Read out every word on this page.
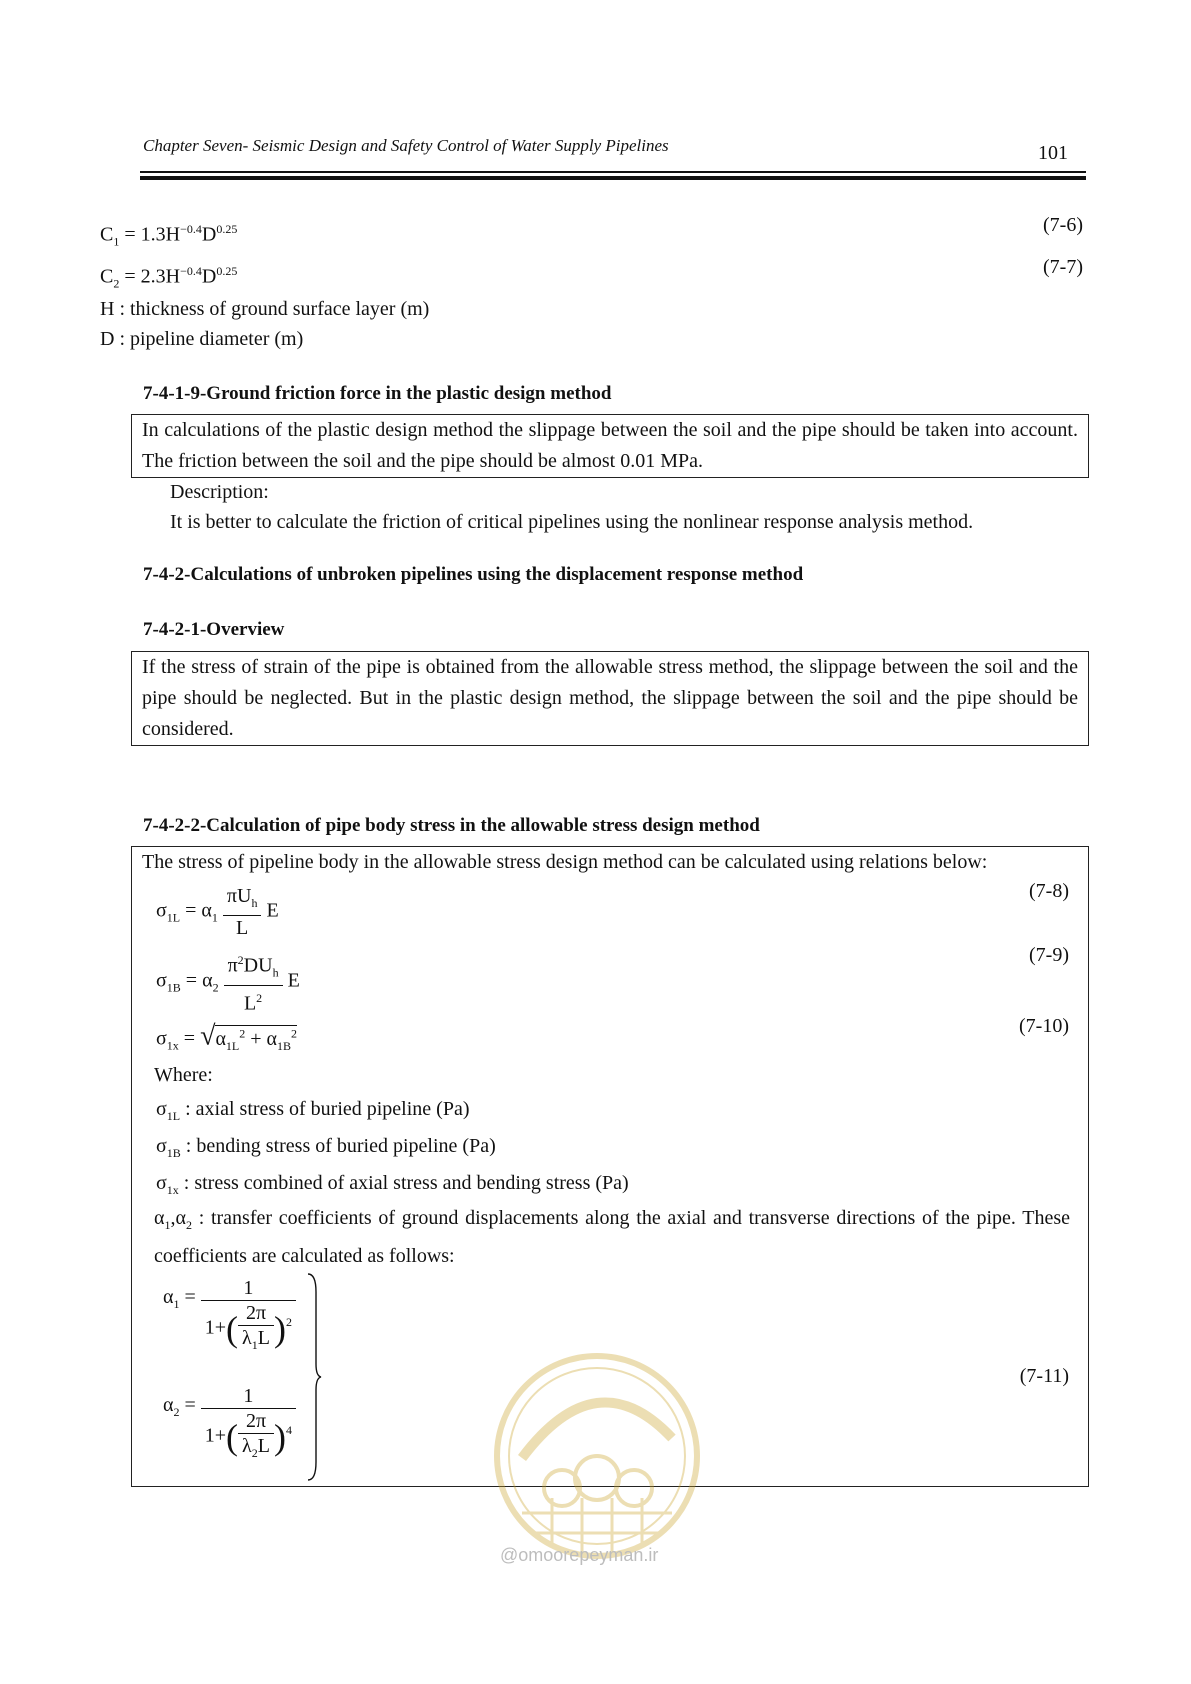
Chapter Seven- Seismic Design and Safety Control of Water Supply Pipelines	101
$C_1 = 1.3H^{-0.4}D^{0.25}$	(7-6)
$C_2 = 2.3H^{-0.4}D^{0.25}$	(7-7)
H : thickness of ground surface layer (m)
D : pipeline diameter (m)
7-4-1-9-Ground friction force in the plastic design method
In calculations of the plastic design method the slippage between the soil and the pipe should be taken into account. The friction between the soil and the pipe should be almost 0.01 MPa.
Description:
It is better to calculate the friction of critical pipelines using the nonlinear response analysis method.
7-4-2-Calculations of unbroken pipelines using the displacement response method
7-4-2-1-Overview
If the stress of strain of the pipe is obtained from the allowable stress method, the slippage between the soil and the pipe should be neglected. But in the plastic design method, the slippage between the soil and the pipe should be considered.
7-4-2-2-Calculation of pipe body stress in the allowable stress design method
The stress of pipeline body in the allowable stress design method can be calculated using relations below:
$\sigma_{1L} = \alpha_1 \frac{\pi U_h}{L}$ E
(7-8)
$\sigma_{1B} = \alpha_2 \frac{\pi^2DU_h}{L^2}$ E
(7-9)
$\sigma_{1x} = √\alpha_{1L}^2 + \alpha_{1B}^2$	(7-10)
Where:
$\sigma_{1L}$ : axial stress of buried pipeline (Pa)
$\sigma_{1B}$ : bending stress of buried pipeline (Pa)
$\sigma_{1x}$ : stress combined of axial stress and bending stress (Pa)
$\alpha_1,\alpha_2$ : transfer coefficients of ground displacements along the axial and transverse directions of the pipe. These coefficients are calculated as follows:
$\alpha_1 = \frac{1}{1+( \frac{2\pi}{\lambda_1L} )^2}$
$\alpha_2 = \frac{1}{1+( \frac{2\pi}{\lambda_2L} )^4}$
(7-11)
@omoorepeyman.ir
